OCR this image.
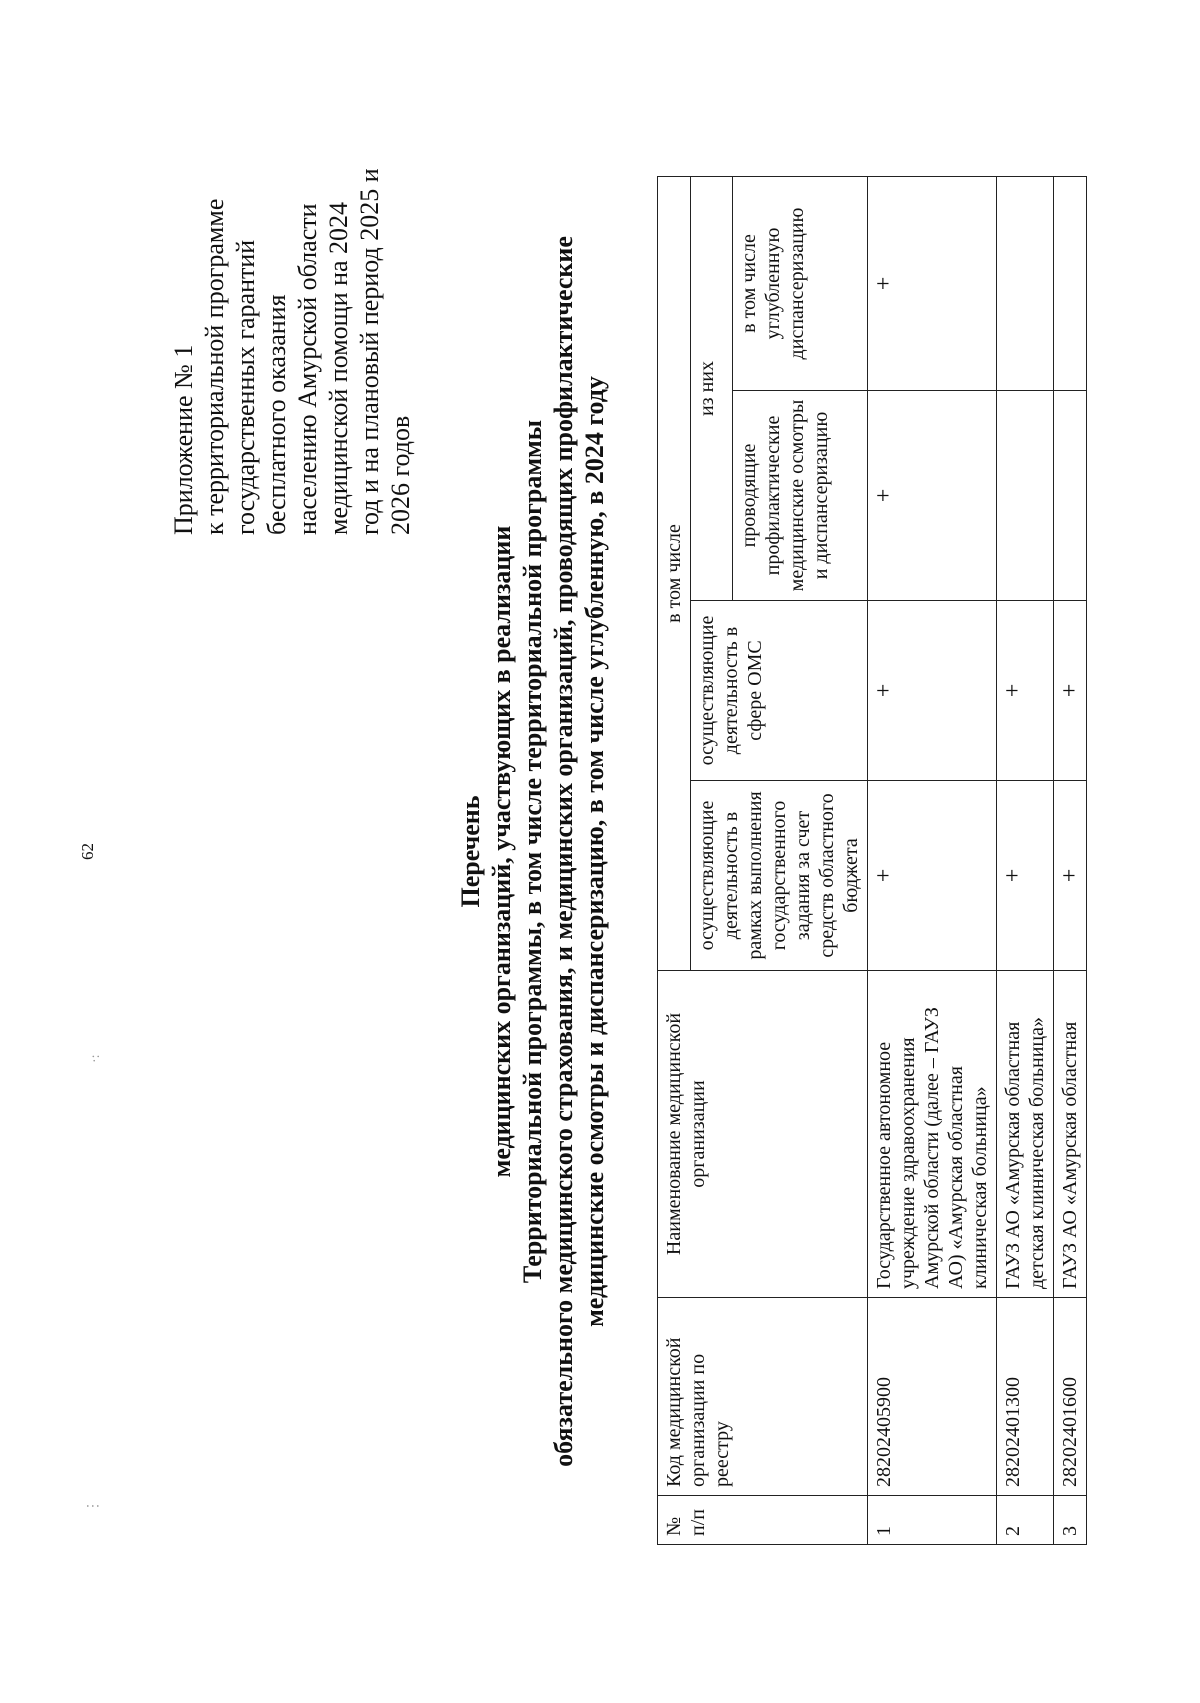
62
Приложение № 1 к территориальной программе государственных гарантий бесплатного оказания населению Амурской области медицинской помощи на 2024 год и на плановый период 2025 и 2026 годов
Перечень медицинских организаций, участвующих в реализации Территориальной программы, в том числе территориальной программы обязательного медицинского страхования, и медицинских организаций, проводящих профилактические медицинские осмотры и диспансеризацию, в том числе углубленную, в 2024 году
№ п/п	Код медицинской организации по реестру	Наименование медицинской организации	в том числе			
			осуществляющие деятельность в рамках выполнения государственного задания за счет средств областного бюджета	осуществляющие деятельность в сфере ОМС	из них	
					проводящие профилактические медицинские осмотры и диспансеризацию	в том числе углубленную диспансеризацию
1	28202405900	Государственное автономное учреждение здравоохранения Амурской области (далее – ГАУЗ АО) «Амурская областная клиническая больница»	+	+	+	+
2	28202401300	ГАУЗ АО «Амурская областная детская клиническая больница»	+	+		
3	28202401600	ГАУЗ АО «Амурская областная	+	+		
⋮
·:
